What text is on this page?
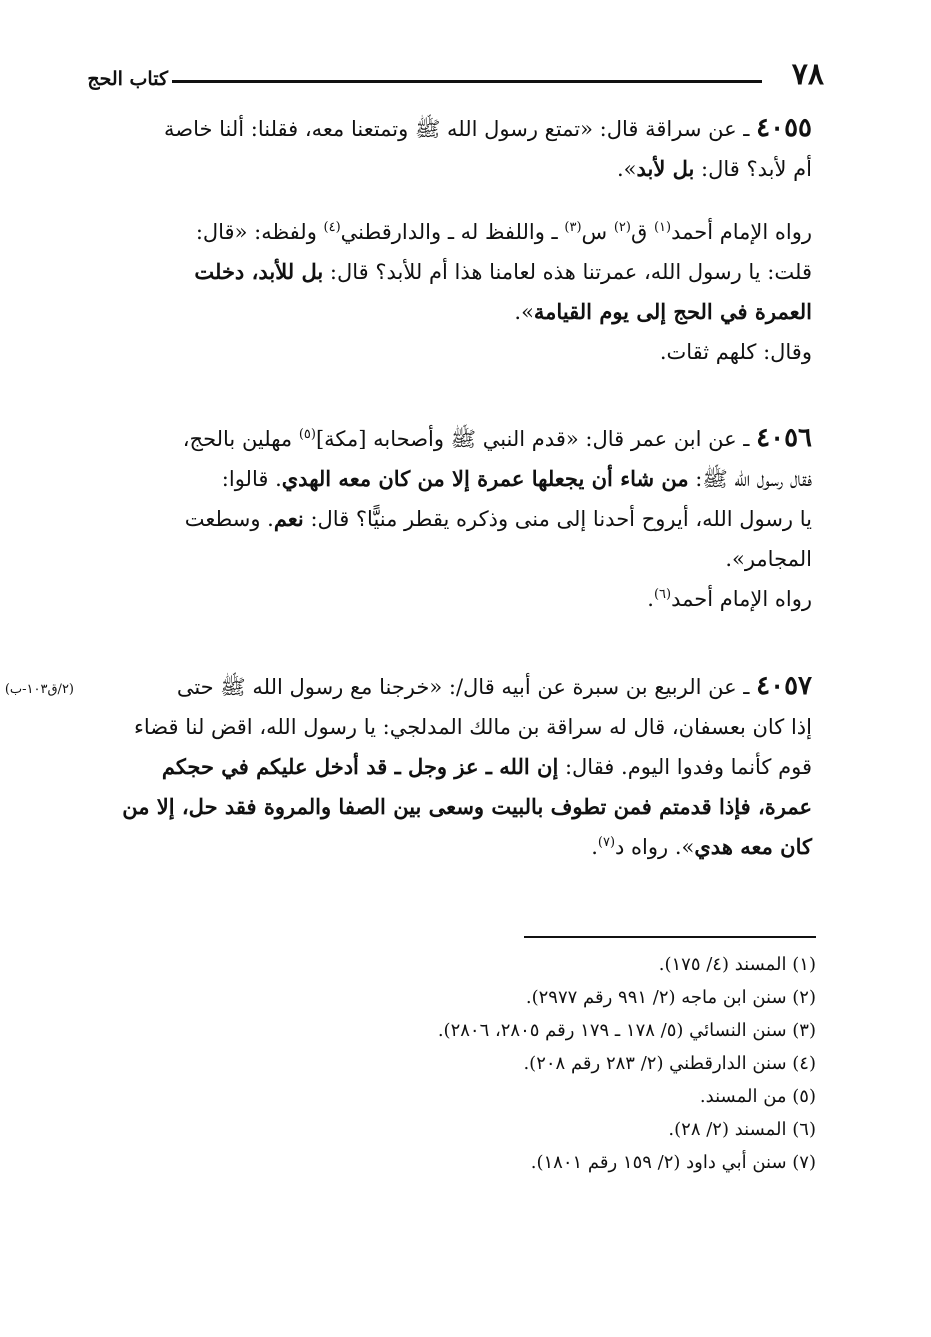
٧٨
كتاب الحج
(٢/ق١٠٣-ب)
٤٠٥٥ ـ عن سراقة قال: «تمتع رسول الله ﷺ وتمتعنا معه، فقلنا: ألنا خاصة
أم لأبد؟ قال: بل لأبد».
رواه الإمام أحمد$^{(١)}$ ق$^{(٢)}$ س$^{(٣)}$ ـ واللفظ له ـ والدارقطني$^{(٤)}$ ولفظه: «قال:
قلت: يا رسول الله، عمرتنا هذه لعامنا هذا أم للأبد؟ قال: بل للأبد، دخلت
العمرة في الحج إلى يوم القيامة».
وقال: كلهم ثقات.
٤٠٥٦ ـ عن ابن عمر قال: «قدم النبي ﷺ وأصحابه [مكة]$^{(٥)}$ مهلين بالحج،
فقال رسول الله ﷺ: من شاء أن يجعلها عمرة إلا من كان معه الهدي. قالوا:
يا رسول الله، أيروح أحدنا إلى منى وذكره يقطر منيًّا؟ قال: نعم. وسطعت
المجامر».
رواه الإمام أحمد$^{(٦)}$.
٤٠٥٧ ـ عن الربيع بن سبرة عن أبيه قال/: «خرجنا مع رسول الله ﷺ حتى
إذا كان بعسفان، قال له سراقة بن مالك المدلجي: يا رسول الله، اقض لنا قضاء
قوم كأنما وفدوا اليوم. فقال: إن الله ـ عز وجل ـ قد أدخل عليكم في حجكم
عمرة، فإذا قدمتم فمن تطوف بالبيت وسعى بين الصفا والمروة فقد حل، إلا من
كان معه هدي». رواه د$^{(٧)}$.
(١) المسند (٤/ ١٧٥).
(٢) سنن ابن ماجه (٢/ ٩٩١ رقم ٢٩٧٧).
(٣) سنن النسائي (٥/ ١٧٨ ـ ١٧٩ رقم ٢٨٠٥، ٢٨٠٦).
(٤) سنن الدارقطني (٢/ ٢٨٣ رقم ٢٠٨).
(٥) من المسند.
(٦) المسند (٢/ ٢٨).
(٧) سنن أبي داود (٢/ ١٥٩ رقم ١٨٠١).
